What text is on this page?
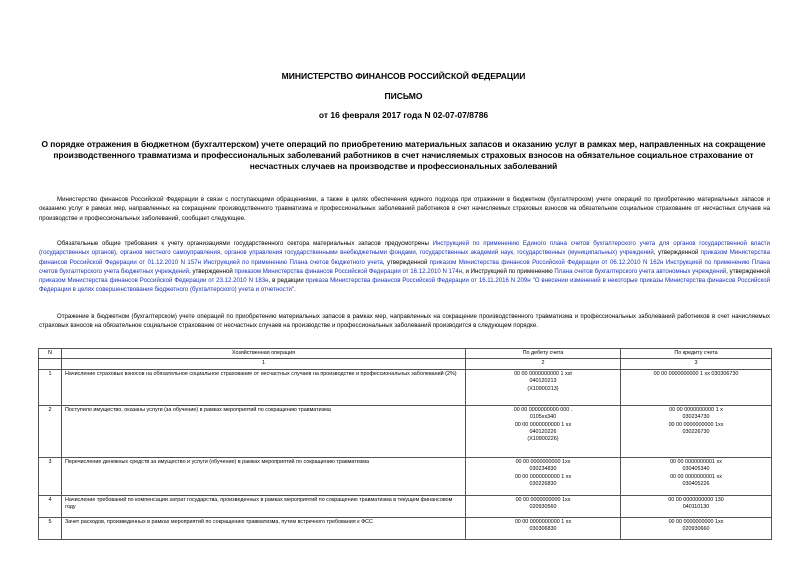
МИНИСТЕРСТВО ФИНАНСОВ РОССИЙСКОЙ ФЕДЕРАЦИИ
ПИСЬМО
от 16 февраля 2017 года N 02-07-07/8786
О порядке отражения в бюджетном (бухгалтерском) учете операций по приобретению материальных запасов и оказанию услуг в рамках мер, направленных на сокращение производственного травматизма и профессиональных заболеваний работников в счет начисляемых страховых взносов на обязательное социальное страхование от несчастных случаев на производстве и профессиональных заболеваний
Министерство финансов Российской Федерации в связи с поступающими обращениями, а также в целях обеспечения единого подхода при отражении в бюджетном (бухгалтерском) учете операций по приобретению материальных запасов и оказанию услуг в рамках мер, направленных на сокращение производственного травматизма и профессиональных заболеваний работников в счет начисляемых страховых взносов на обязательное социальное страхование от несчастных случаев на производстве и профессиональных заболеваний, сообщает следующее.
Обязательные общие требования к учету организациями государственного сектора материальных запасов предусмотрены Инструкцией по применению Единого плана счетов бухгалтерского учета для органов государственной власти (государственных органов), органов местного самоуправления, органов управления государственными внебюджетными фондами, государственных академий наук, государственных (муниципальных) учреждений, утвержденной приказом Министерства финансов Российской Федерации от 01.12.2010 N 157н Инструкцией по применению Плана счетов бюджетного учета, утвержденной приказом Министерства финансов Российской Федерации от 06.12.2010 N 162н Инструкцией по применению Плана счетов бухгалтерского учета бюджетных учреждений, утвержденной приказом Министерства финансов Российской Федерации от 16.12.2010 N 174н, и Инструкцией по применению Плана счетов бухгалтерского учета автономных учреждений, утвержденной приказом Министерства финансов Российской Федерации от 23.12.2010 N 183н, в редакции приказа Министерства финансов Российской Федерации от 16.11.2016 N 209н "О внесении изменений в некоторые приказы Министерства финансов Российской Федерации в целях совершенствования бюджетного (бухгалтерского) учета и отчетности".
Отражение в бюджетном (бухгалтерском) учете операций по приобретению материальных запасов в рамках мер, направленных на сокращение производственного травматизма и профессиональных заболеваний работников в счет начисляемых страховых взносов на обязательное социальное страхование от несчастных случаев на производстве и профессиональных заболеваний производится в следующем порядке.
N	Хозяйственная операция	По дебету счета	По кредиту счета
	1	2	3
1	Начисление страховых взносов на обязательное социальное страхование от несчастных случаев на производстве и профессиональных заболеваний (2%)	00 00 0000000000 1 xxt
040120213
(X10900213)	00 00 0000000000 1 xx 030306730

2	Поступило имущество, оказаны услуги (за обучение) в рамках мероприятий по сокращению травматизма	00 00 0000000000 000 .
0105xx340
00 00 0000000000 1 xx
040120226
(X10900226)	00 00 0000000000 1 x
030234730
00 00 0000000000 1xx
030226730

3	Перечисление денежных средств за имущество и услуги (обучение) в рамках мероприятий по сокращению травматизма	00 00 0000000000 1xx
030234830
00 00 0000000000 1 xx
030226830	00 00 0000000001 xx
030405340
00 00 0000000001 xx
030405226

4	Начисление требований по компенсации затрат государства, произведенных в рамках мероприятий по сокращению травматизма в текущем финансовом году	00 00 0000000000 1xx
020930560	00 00 0000000000 130
040110130

5	Зачет расходов, произведенных в рамках мероприятий по сокращению травматизма, путем встречного требования к ФСС	00 00 0000000000 1 xx
030306830	00 00 0000000000 1xx
020930660
